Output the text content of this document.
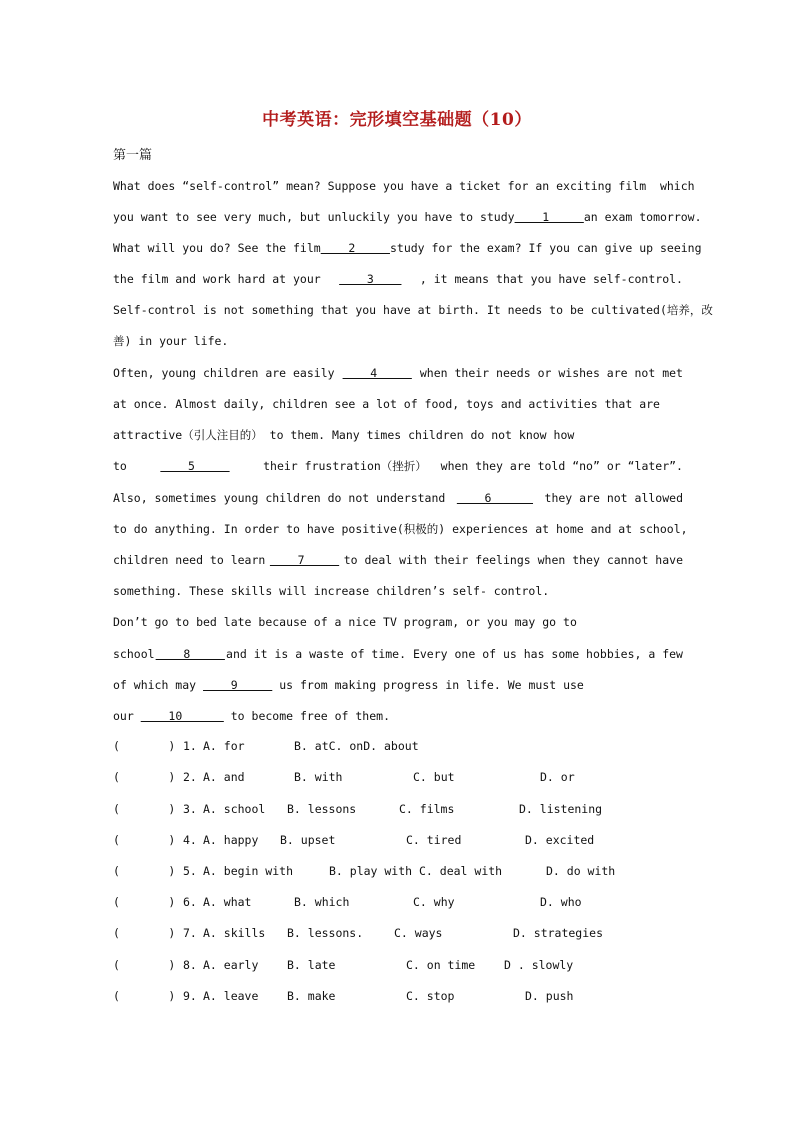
中考英语：完形填空基础题（10）
第一篇
What does “self-control” mean? Suppose you have a ticket for an exciting film  which
you want to see very much, but unluckily you have to study 1 an exam tomorrow.
What will you do? See the film 2 study for the exam? If you can give up seeing
the film and work hard at your 3 , it means that you have self-control.
Self-control is not something that you have at birth. It needs to be cultivated(培养，改
善) in your life.
Often, young children are easily 4 when their needs or wishes are not met
at once. Almost daily, children see a lot of food, toys and activities that are
attractive（引人注目的） to them. Many times children do not know how
to	5	their frustration（挫折）  when they are told “no” or “later”.
Also, sometimes young children do not understand 6 they are not allowed
to do anything. In order to have positive(积极的) experiences at home and at school,
children need to learn 7 to deal with their feelings when they cannot have
something. These skills will increase children’s self- control.
Don’t go to bed late because of a nice TV program, or you may go to
school 8 and it is a waste of time. Every one of us has some hobbies, a few
of which may     9      us from making progress in life. We must use
our     10       to become free of them.
(       ) 1. A. for	B. atC. onD. about
(       ) 2. A. and	B. with	C. but	D. or
(       ) 3. A. school B. lessons	C. films	D. listening
(       ) 4. A. happy B. upset	C. tired	D. excited
(       ) 5. A. begin with	B. play with C. deal with	D. do with
(       ) 6. A. what	B. which	C. why	D. who
(       ) 7. A. skills B. lessons.	C. ways	D. strategies
(       ) 8. A. early B. late	C. on time	D . slowly
(       ) 9. A. leave B. make	C. stop	D. push
